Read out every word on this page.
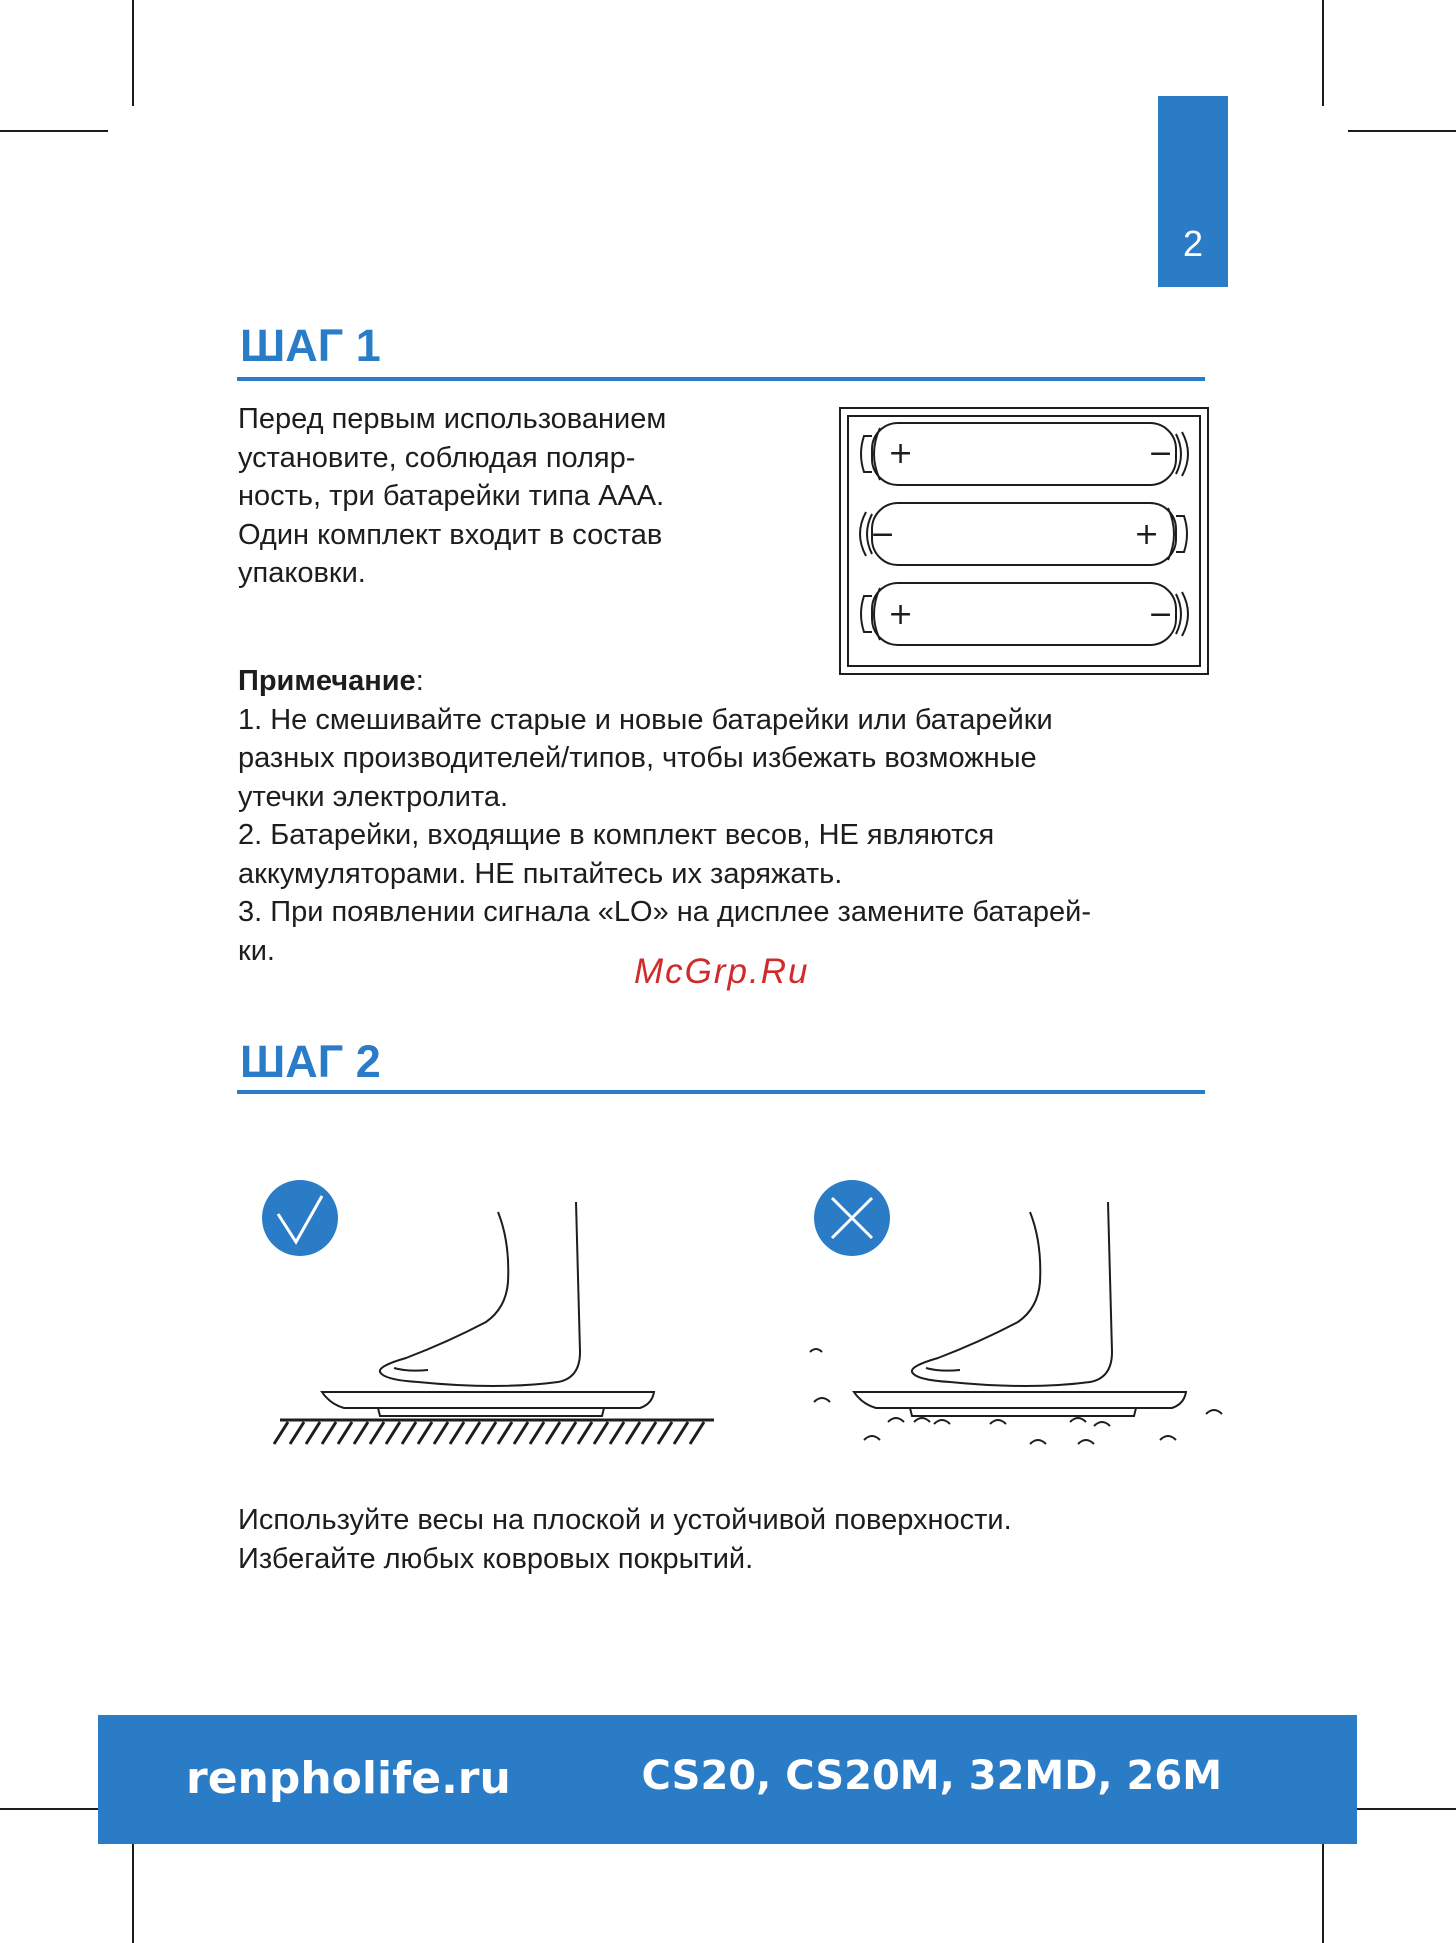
2
ШАГ 1
Перед первым использованием
установите, соблюдая поляр-
ность, три батарейки типа ААА.
Один комплект входит в состав
упаковки.
+	−
−	+
+	−
Примечание:
1. Не смешивайте старые и новые батарейки или батарейки
разных производителей/типов, чтобы избежать возможные
утечки электролита.
2. Батарейки, входящие в комплект весов, НЕ являются
аккумуляторами. НЕ пытайтесь их заряжать.
3. При появлении сигнала «LO» на дисплее замените батарей-
ки.
McGrp.Ru
ШАГ 2
Используйте весы на плоской и устойчивой поверхности.
Избегайте любых ковровых покрытий.
renpholife.ru	CS20, CS20M, 32MD, 26M
